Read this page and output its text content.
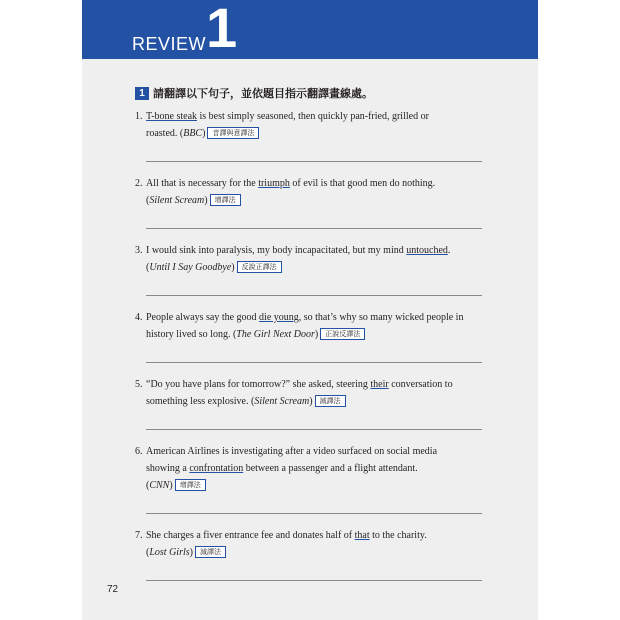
REVIEW 1
1 請翻譯以下句子，並依題目指示翻譯畫線處。
1. T-bone steak is best simply seasoned, then quickly pan-fried, grilled or
roasted. (BBC) 音譯與意譯法
2. All that is necessary for the triumph of evil is that good men do nothing.
(Silent Scream) 增譯法
3. I would sink into paralysis, my body incapacitated, but my mind untouched.
(Until I Say Goodbye) 反說正譯法
4. People always say the good die young, so that’s why so many wicked people in
history lived so long. (The Girl Next Door) 正說反譯法
5. “Do you have plans for tomorrow?” she asked, steering their conversation to
something less explosive. (Silent Scream) 減譯法
6. American Airlines is investigating after a video surfaced on social media
showing a confrontation between a passenger and a flight attendant.
(CNN) 增譯法
7. She charges a fiver entrance fee and donates half of that to the charity.
(Lost Girls) 減譯法
72
